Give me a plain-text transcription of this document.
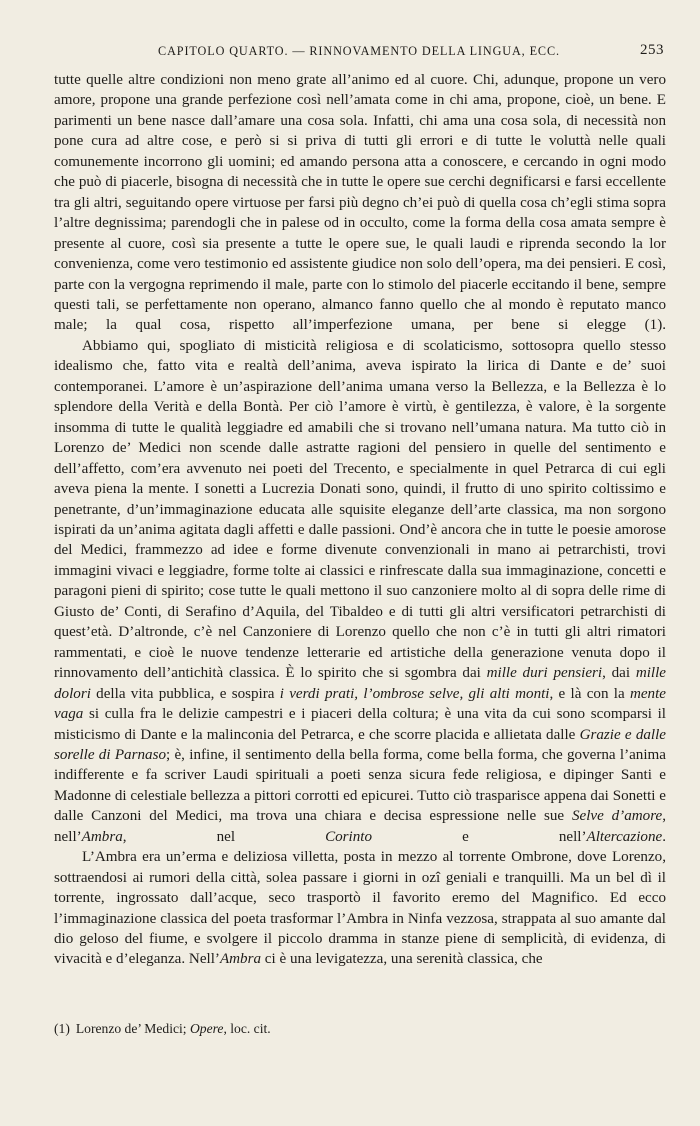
CAPITOLO QUARTO. — RINNOVAMENTO DELLA LINGUA, ECC.	253

tutte quelle altre condizioni non meno grate all’animo ed al cuore. Chi, adunque, propone un vero amore, propone una grande perfezione così nell’amata come in chi ama, propone, cioè, un bene. E parimenti un bene nasce dall’amare una cosa sola. Infatti, chi ama una cosa sola, di necessità non pone cura ad altre cose, e però si si priva di tutti gli errori e di tutte le voluttà nelle quali comunemente incorrono gli uomini; ed amando persona atta a conoscere, e cercando in ogni modo che può di piacerle, bisogna di necessità che in tutte le opere sue cerchi degnificarsi e farsi eccellente tra gli altri, seguitando opere virtuose per farsi più degno ch’ei può di quella cosa ch’egli stima sopra l’altre degnissima; parendogli che in palese od in occulto, come la forma della cosa amata sempre è presente al cuore, così sia presente a tutte le opere sue, le quali laudi e riprenda secondo la lor convenienza, come vero testimonio ed assistente giudice non solo dell’opera, ma dei pensieri. E così, parte con la vergogna reprimendo il male, parte con lo stimolo del piacerle eccitando il bene, sempre questi tali, se perfettamente non operano, almanco fanno quello che al mondo è reputato manco male; la qual cosa, rispetto all’imperfezione umana, per bene si elegge (1).

Abbiamo qui, spogliato di misticità religiosa e di scolaticismo, sottosopra quello stesso idealismo che, fatto vita e realtà dell’anima, aveva ispirato la lirica di Dante e de’ suoi contemporanei. L’amore è un’aspirazione dell’anima umana verso la Bellezza, e la Bellezza è lo splendore della Verità e della Bontà. Per ciò l’amore è virtù, è gentilezza, è valore, è la sorgente insomma di tutte le qualità leggiadre ed amabili che si trovano nell’umana natura. Ma tutto ciò in Lorenzo de’ Medici non scende dalle astratte ragioni del pensiero in quelle del sentimento e dell’affetto, com’era avvenuto nei poeti del Trecento, e specialmente in quel Petrarca di cui egli aveva piena la mente. I sonetti a Lucrezia Donati sono, quindi, il frutto di uno spirito coltissimo e penetrante, d’un’immaginazione educata alle squisite eleganze dell’arte classica, ma non sorgono ispirati da un’anima agitata dagli affetti e dalle passioni. Ond’è ancora che in tutte le poesie amorose del Medici, frammezzo ad idee e forme divenute convenzionali in mano ai petrarchisti, trovi immagini vivaci e leggiadre, forme tolte ai classici e rinfrescate dalla sua immaginazione, concetti e paragoni pieni di spirito; cose tutte le quali mettono il suo canzoniere molto al di sopra delle rime di Giusto de’ Conti, di Serafino d’Aquila, del Tibaldeo e di tutti gli altri versificatori petrarchisti di quest’età. D’altronde, c’è nel Canzoniere di Lorenzo quello che non c’è in tutti gli altri rimatori rammentati, e cioè le nuove tendenze letterarie ed artistiche della generazione venuta dopo il rinnovamento dell’antichità classica. È lo spirito che si sgombra dai mille duri pensieri, dai mille dolori della vita pubblica, e sospira i verdi prati, l’ombrose selve, gli alti monti, e là con la mente vaga si culla fra le delizie campestri e i piaceri della coltura; è una vita da cui sono scomparsi il misticismo di Dante e la malinconia del Petrarca, e che scorre placida e allietata dalle Grazie e dalle sorelle di Parnaso; è, infine, il sentimento della bella forma, come bella forma, che governa l’anima indifferente e fa scriver Laudi spirituali a poeti senza sicura fede religiosa, e dipinger Santi e Madonne di celestiale bellezza a pittori corrotti ed epicurei. Tutto ciò trasparisce appena dai Sonetti e dalle Canzoni del Medici, ma trova una chiara e decisa espressione nelle sue Selve d’amore, nell’Ambra, nel Corinto e nell’Altercazione.

L’Ambra era un’erma e deliziosa villetta, posta in mezzo al torrente Ombrone, dove Lorenzo, sottraendosi ai rumori della città, solea passare i giorni in ozî geniali e tranquilli. Ma un bel dì il torrente, ingrossato dall’acque, seco trasportò il favorito eremo del Magnifico. Ed ecco l’immaginazione classica del poeta trasformar l’Ambra in Ninfa vezzosa, strappata al suo amante dal dio geloso del fiume, e svolgere il piccolo dramma in stanze piene di semplicità, di evidenza, di vivacità e d’eleganza. Nell’Ambra ci è una levigatezza, una serenità classica, che

(1) Lorenzo de’ Medici; Opere, loc. cit.
